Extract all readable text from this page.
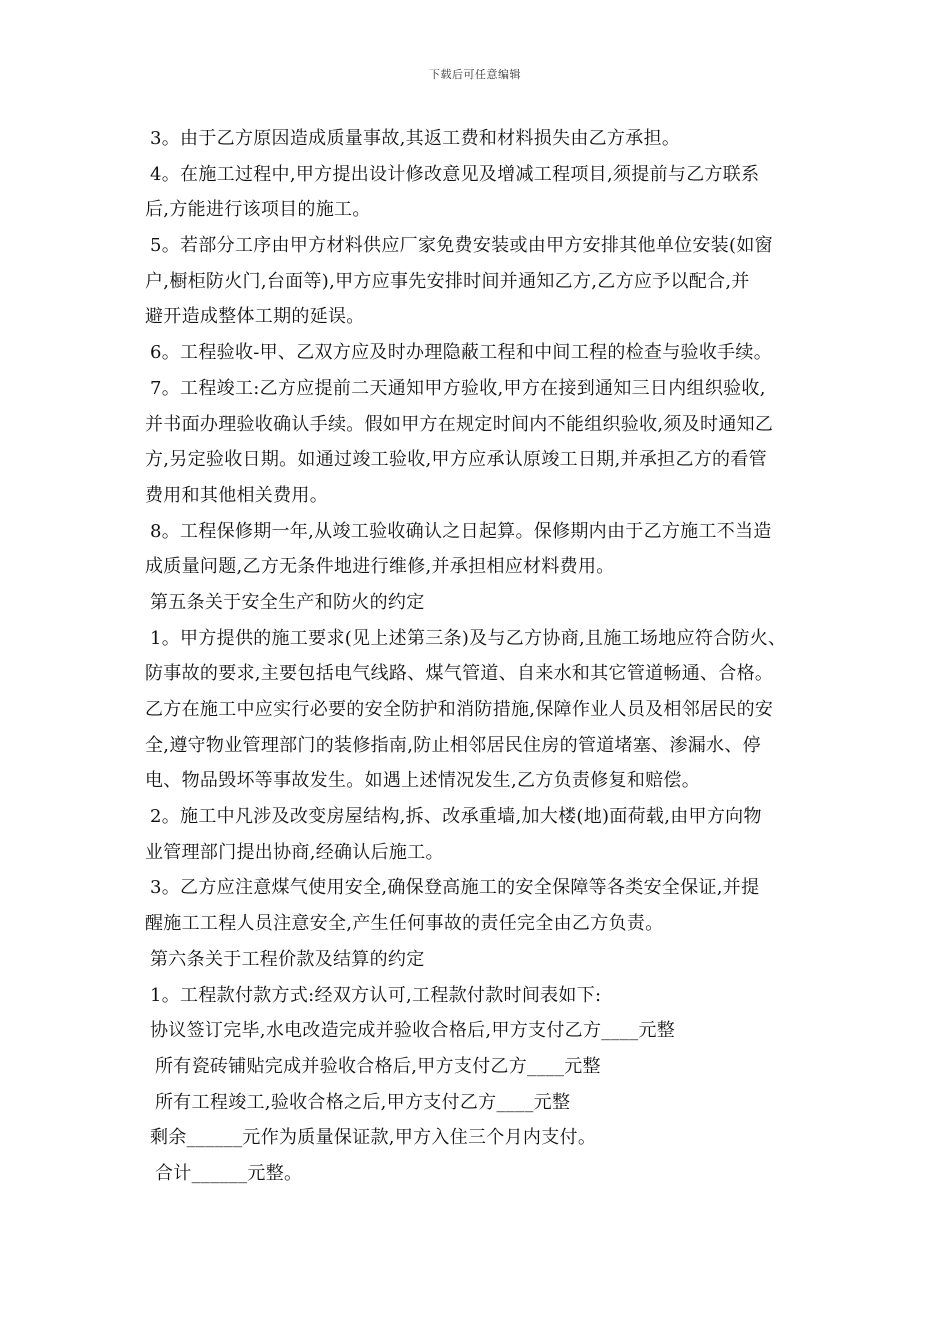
下载后可任意编辑
3。由于乙方原因造成质量事故,其返工费和材料损失由乙方承担。
4。在施工过程中,甲方提出设计修改意见及增减工程项目,须提前与乙方联系
后,方能进行该项目的施工。
5。若部分工序由甲方材料供应厂家免费安装或由甲方安排其他单位安装(如窗
户,橱柜防火门,台面等),甲方应事先安排时间并通知乙方,乙方应予以配合,并
避开造成整体工期的延误。
6。工程验收-甲、乙双方应及时办理隐蔽工程和中间工程的检查与验收手续。
7。工程竣工:乙方应提前二天通知甲方验收,甲方在接到通知三日内组织验收,
并书面办理验收确认手续。假如甲方在规定时间内不能组织验收,须及时通知乙
方,另定验收日期。如通过竣工验收,甲方应承认原竣工日期,并承担乙方的看管
费用和其他相关费用。
8。工程保修期一年,从竣工验收确认之日起算。保修期内由于乙方施工不当造
成质量问题,乙方无条件地进行维修,并承担相应材料费用。
第五条关于安全生产和防火的约定
1。甲方提供的施工要求(见上述第三条)及与乙方协商,且施工场地应符合防火、
防事故的要求,主要包括电气线路、煤气管道、自来水和其它管道畅通、合格。
乙方在施工中应实行必要的安全防护和消防措施,保障作业人员及相邻居民的安
全,遵守物业管理部门的装修指南,防止相邻居民住房的管道堵塞、渗漏水、停
电、物品毁坏等事故发生。如遇上述情况发生,乙方负责修复和赔偿。
2。施工中凡涉及改变房屋结构,拆、改承重墙,加大楼(地)面荷载,由甲方向物
业管理部门提出协商,经确认后施工。
3。乙方应注意煤气使用安全,确保登高施工的安全保障等各类安全保证,并提
醒施工工程人员注意安全,产生任何事故的责任完全由乙方负责。
第六条关于工程价款及结算的约定
1。工程款付款方式:经双方认可,工程款付款时间表如下:
协议签订完毕,水电改造完成并验收合格后,甲方支付乙方____元整
所有瓷砖铺贴完成并验收合格后,甲方支付乙方____元整
所有工程竣工,验收合格之后,甲方支付乙方____元整
剩余______元作为质量保证款,甲方入住三个月内支付。
合计______元整。
